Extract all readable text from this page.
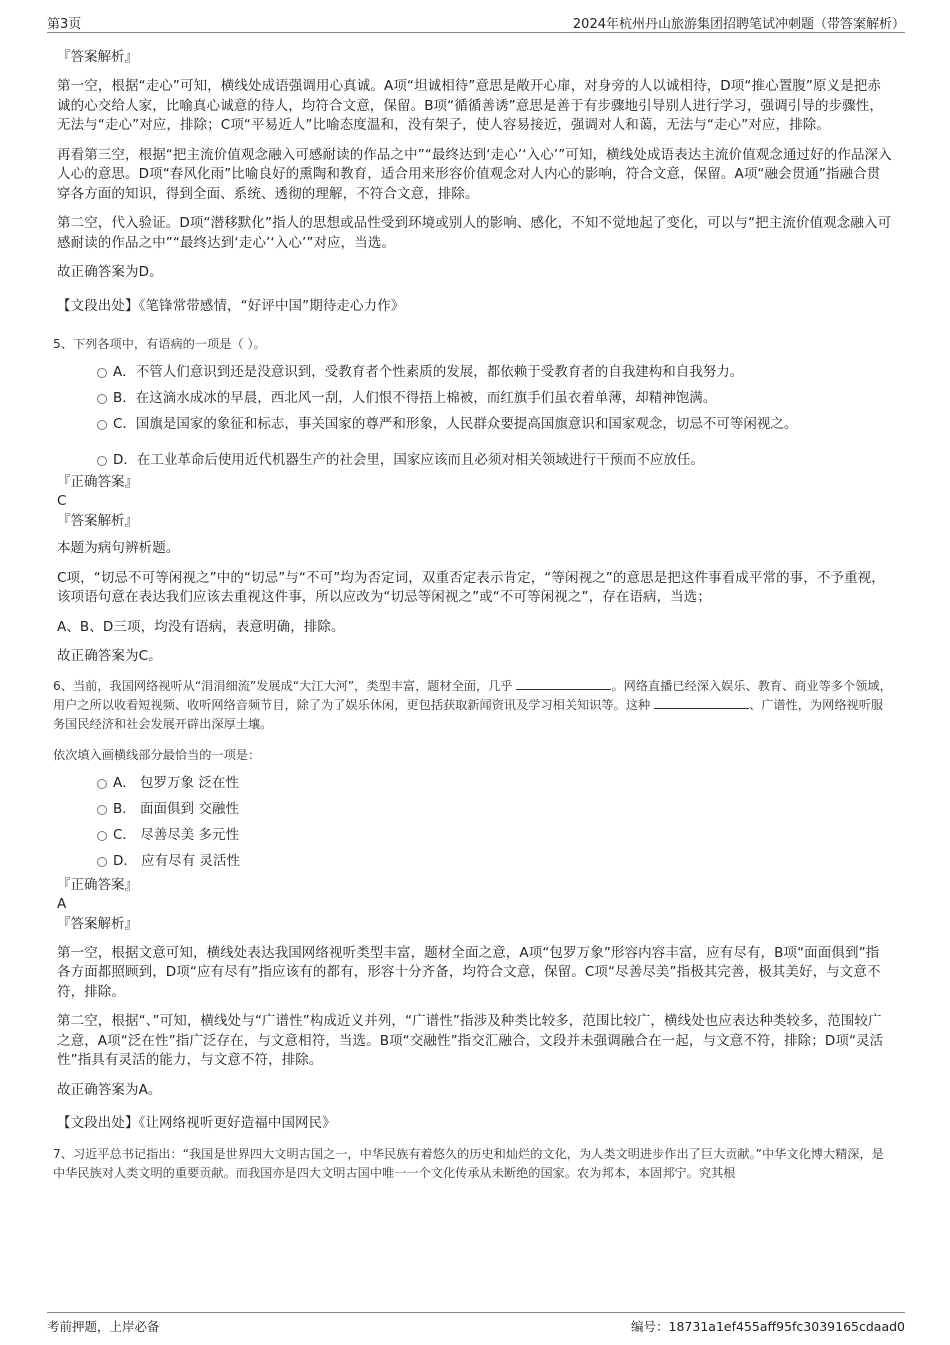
第3页	2024年杭州丹山旅游集团招聘笔试冲刺题（带答案解析）

『答案解析』

第一空，根据“走心”可知，横线处成语强调用心真诚。A项“坦诚相待”意思是敞开心扉，对身旁的人以诚相待，D项“推心置腹”原义是把赤诚的心交给人家，比喻真心诚意的待人，均符合文意，保留。B项“循循善诱”意思是善于有步骤地引导别人进行学习，强调引导的步骤性，无法与“走心”对应，排除；C项“平易近人”比喻态度温和，没有架子，使人容易接近，强调对人和蔼，无法与“走心”对应，排除。

再看第三空，根据“把主流价值观念融入可感耐读的作品之中”“最终达到‘走心’‘入心’”可知，横线处成语表达主流价值观念通过好的作品深入人心的意思。D项“春风化雨”比喻良好的熏陶和教育，适合用来形容价值观念对人内心的影响，符合文意，保留。A项“融会贯通”指融合贯穿各方面的知识，得到全面、系统、透彻的理解，不符合文意，排除。

第二空，代入验证。D项“潜移默化”指人的思想或品性受到环境或别人的影响、感化，不知不觉地起了变化，可以与“把主流价值观念融入可感耐读的作品之中”“最终达到‘走心’‘入心’”对应，当选。

故正确答案为D。

【文段出处】《笔锋常带感情，“好评中国”期待走心力作》

5、下列各项中，有语病的一项是（ ）。

A．不管人们意识到还是没意识到，受教育者个性素质的发展，都依赖于受教育者的自我建构和自我努力。
B．在这滴水成冰的早晨，西北风一刮，人们恨不得捂上棉被，而红旗手们虽衣着单薄，却精神饱满。
C．国旗是国家的象征和标志，事关国家的尊严和形象，人民群众要提高国旗意识和国家观念，切忌不可等闲视之。
D．在工业革命后使用近代机器生产的社会里，国家应该而且必须对相关领域进行干预而不应放任。

『正确答案』

C

『答案解析』

本题为病句辨析题。

C项，“切忌不可等闲视之”中的“切忌”与“不可”均为否定词，双重否定表示肯定，“等闲视之”的意思是把这件事看成平常的事，不予重视，该项语句意在表达我们应该去重视这件事，所以应改为“切忌等闲视之”或“不可等闲视之”，存在语病，当选；

A、B、D三项，均没有语病，表意明确，排除。

故正确答案为C。

6、当前，我国网络视听从“涓涓细流”发展成“大江大河”，类型丰富，题材全面，几乎	。网络直播已经深入娱乐、教育、商业等多个领域，用户之所以收看短视频、收听网络音频节目，除了为了娱乐休闲，更包括获取新闻资讯及学习相关知识等。这种	、广谱性，为网络视听服务国民经济和社会发展开辟出深厚土壤。

依次填入画横线部分最恰当的一项是：

A． 包罗万象 泛在性
B． 面面俱到 交融性
C． 尽善尽美 多元性
D． 应有尽有 灵活性

『正确答案』

A

『答案解析』

第一空，根据文意可知，横线处表达我国网络视听类型丰富，题材全面之意，A项“包罗万象”形容内容丰富，应有尽有，B项“面面俱到”指各方面都照顾到，D项“应有尽有”指应该有的都有，形容十分齐备，均符合文意，保留。C项“尽善尽美”指极其完善，极其美好，与文意不符，排除。

第二空，根据“、”可知，横线处与“广谱性”构成近义并列，“广谱性”指涉及种类比较多，范围比较广，横线处也应表达种类较多，范围较广之意，A项“泛在性”指广泛存在，与文意相符，当选。B项“交融性”指交汇融合，文段并未强调融合在一起，与文意不符，排除；D项“灵活性”指具有灵活的能力，与文意不符，排除。

故正确答案为A。

【文段出处】《让网络视听更好造福中国网民》

7、习近平总书记指出：“我国是世界四大文明古国之一，中华民族有着悠久的历史和灿烂的文化，为人类文明进步作出了巨大贡献。”中华文化博大精深，是中华民族对人类文明的重要贡献。而我国亦是四大文明古国中唯一一个文化传承从未断绝的国家。农为邦本，本固邦宁。究其根

考前押题，上岸必备	编号：18731a1ef455aff95fc3039165cdaad0
